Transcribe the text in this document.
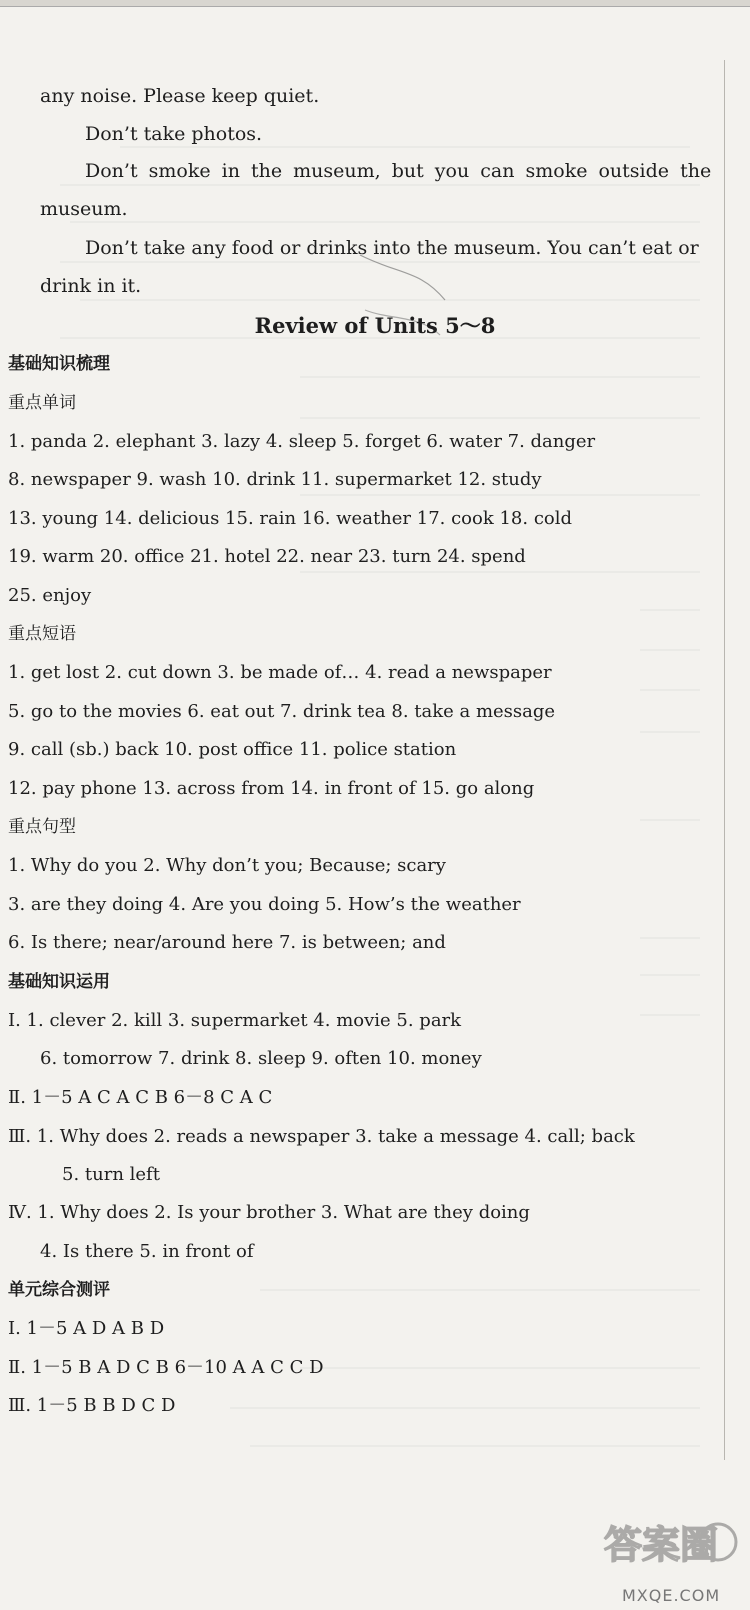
any noise. Please keep quiet.
Don’t take photos.
Don’t smoke in the museum, but you can smoke outside the
museum.
Don’t take any food or drinks into the museum. You can’t eat or
drink in it.
Review of Units 5～8
基础知识梳理
重点单词
1. panda 2. elephant 3. lazy 4. sleep 5. forget 6. water 7. danger
8. newspaper 9. wash 10. drink 11. supermarket 12. study
13. young 14. delicious 15. rain 16. weather 17. cook 18. cold
19. warm 20. office 21. hotel 22. near 23. turn 24. spend
25. enjoy
重点短语
1. get lost 2. cut down 3. be made of… 4. read a newspaper
5. go to the movies 6. eat out 7. drink tea 8. take a message
9. call (sb.) back 10. post office 11. police station
12. pay phone 13. across from 14. in front of 15. go along
重点句型
1. Why do you 2. Why don’t you; Because; scary
3. are they doing 4. Are you doing 5. How’s the weather
6. Is there; near/around here 7. is between; and
基础知识运用
Ⅰ. 1. clever 2. kill 3. supermarket 4. movie 5. park
6. tomorrow 7. drink 8. sleep 9. often 10. money
Ⅱ. 1－5 A C A C B 6－8 C A C
Ⅲ. 1. Why does 2. reads a newspaper 3. take a message 4. call; back
5. turn left
Ⅳ. 1. Why does 2. Is your brother 3. What are they doing
4. Is there 5. in front of
单元综合测评
Ⅰ. 1－5 A D A B D
Ⅱ. 1－5 B A D C B 6－10 A A C C D
Ⅲ. 1－5 B B D C D
答案圈
MXQE.COM
